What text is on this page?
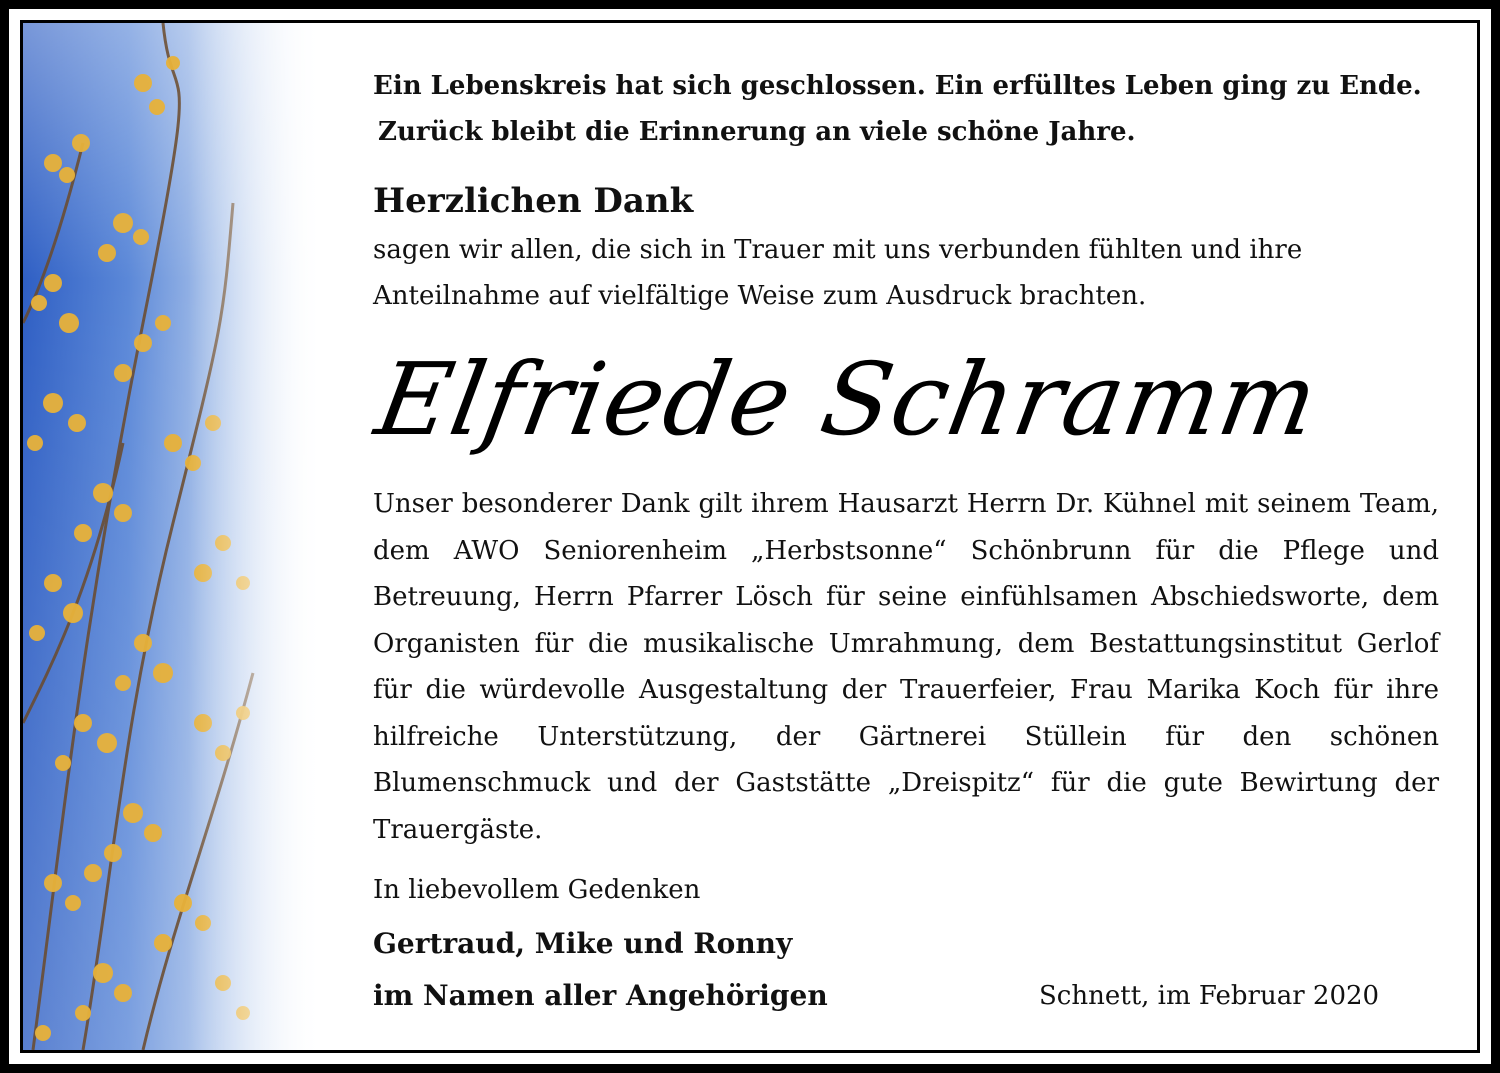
Ein Lebenskreis hat sich geschlossen. Ein erfülltes Leben ging zu Ende.
Zurück bleibt die Erinnerung an viele schöne Jahre.
Herzlichen Dank
sagen wir allen, die sich in Trauer mit uns verbunden fühlten und ihre
Anteilnahme auf vielfältige Weise zum Ausdruck brachten.
Elfriede Schramm
Unser besonderer Dank gilt ihrem Hausarzt Herrn Dr. Kühnel mit seinem Team, dem AWO Seniorenheim „Herbstsonne“ Schönbrunn für die Pflege und Betreuung, Herrn Pfarrer Lösch für seine einfühlsamen Abschiedsworte, dem Organisten für die musikalische Umrahmung, dem Bestattungsinstitut Gerlof für die würdevolle Ausgestaltung der Trauerfeier, Frau Marika Koch für ihre hilfreiche Unterstützung, der Gärtnerei Stüllein für den schönen Blumenschmuck und der Gaststätte „Dreispitz“ für die gute Bewirtung der Trauergäste.
In liebevollem Gedenken
Gertraud, Mike und Ronny
im Namen aller Angehörigen	Schnett, im Februar 2020
